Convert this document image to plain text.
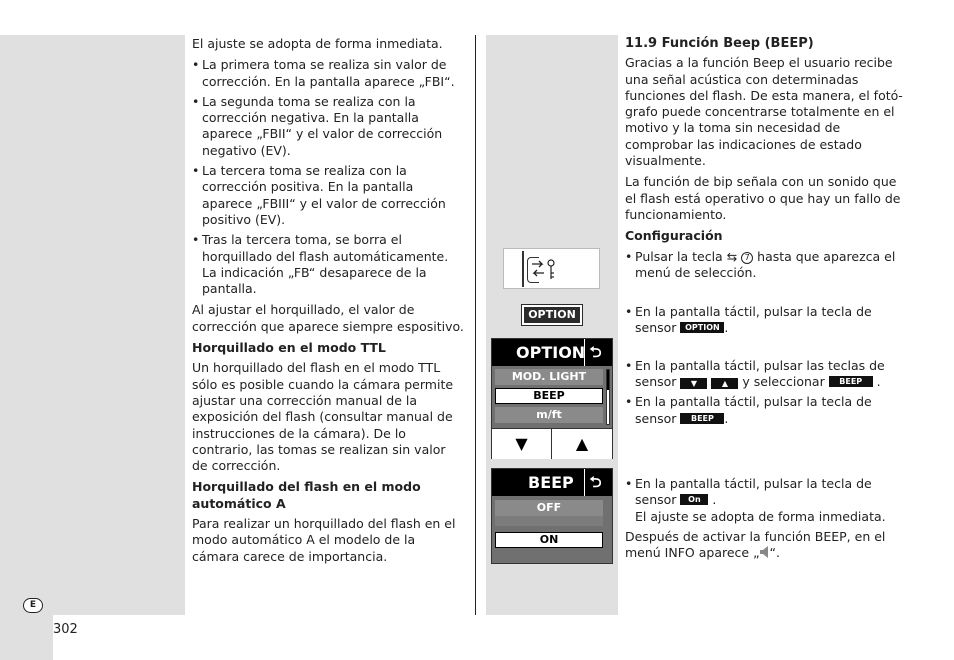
E
302

El ajuste se adopta de forma inmediata.

• La primera toma se realiza sin valor de corrección. En la pantalla aparece „FBI“.
• La segunda toma se realiza con la corrección negativa. En la pantalla aparece „FBII“ y el valor de corrección negativo (EV).
• La tercera toma se realiza con la corrección positiva. En la pantalla aparece „FBIII“ y el valor de corrección positivo (EV).
• Tras la tercera toma, se borra el horquillado del flash automáticamente. La indicación „FB“ desaparece de la pantalla.

Al ajustar el horquillado, el valor de corrección que aparece siempre espositivo.

Horquillado en el modo TTL

Un horquillado del flash en el modo TTL sólo es posible cuando la cámara permite ajustar una corrección manual de la exposición del flash (consultar manual de instrucciones de la cámara). De lo contrario, las tomas se realizan sin valor de corrección.

Horquillado del flash en el modo automático A

Para realizar un horquillado del flash en el modo automático A el modelo de la cámara carece de importancia.

11.9 Función Beep (BEEP)

Gracias a la función Beep el usuario recibe una señal acústica con determinadas funciones del flash. De esta manera, el fotógrafo puede concentrarse totalmente en el motivo y la toma sin necesidad de comprobar las indicaciones de estado visualmente.

La función de bip señala con un sonido que el flash está operativo o que hay un fallo de funcionamiento.

Configuración
• Pulsar la tecla ⇆ 7 hasta que aparezca el menú de selección.
• En la pantalla táctil, pulsar la tecla de sensor OPTION .
• En la pantalla táctil, pulsar las teclas de sensor ▼	▲ y seleccionar BEEP .
• En la pantalla táctil, pulsar la tecla de sensor BEEP .
• En la pantalla táctil, pulsar la tecla de sensor On .
El ajuste se adopta de forma inmediata.

Después de activar la función BEEP, en el menú INFO aparece „ “.

OPTION
OPTION ⮌
MOD. LIGHT
BEEP
m/ft
▼	▲
BEEP	⮌
OFF
ON
